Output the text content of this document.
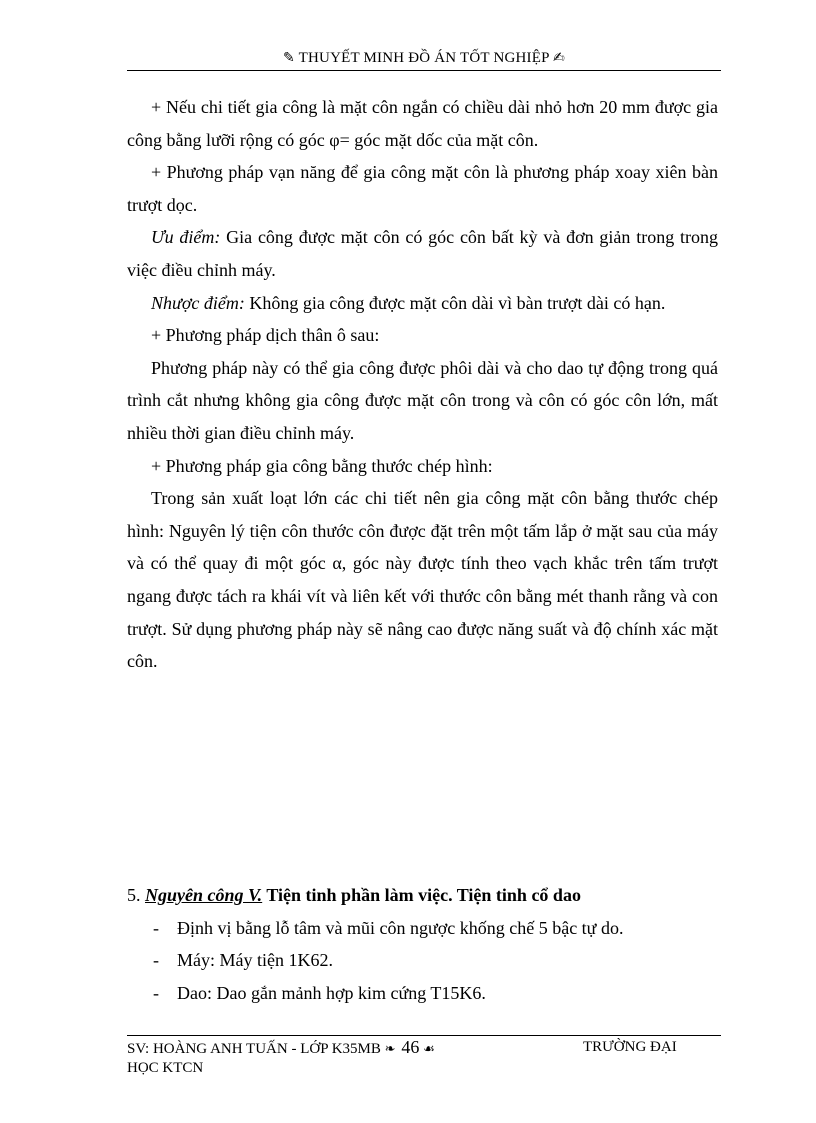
✎ THUYẾT MINH ĐỒ ÁN TỐT NGHIỆP ✍

+ Nếu chi tiết gia công là mặt côn ngắn có chiều dài nhỏ hơn 20 mm được gia công bằng lưỡi rộng có góc φ= góc mặt dốc của mặt côn.

+ Phương pháp vạn năng để gia công mặt côn là phương pháp xoay xiên bàn trượt dọc.

Ưu điểm: Gia công được mặt côn có góc côn bất kỳ và đơn giản trong trong việc điều chỉnh máy.

Nhược điểm: Không gia công được mặt côn dài vì bàn trượt dài có hạn.

+ Phương pháp dịch thân ô sau:

Phương pháp này có thể gia công được phôi dài và cho dao tự động trong quá trình cắt nhưng không gia công được mặt côn trong và côn có góc côn lớn, mất nhiều thời gian điều chỉnh máy.

+ Phương pháp gia công bằng thước chép hình:

Trong sản xuất loạt lớn các chi tiết nên gia công mặt côn bằng thước chép hình: Nguyên lý tiện côn thước côn được đặt trên một tấm lắp ở mặt sau của máy và có thể quay đi một góc α, góc này được tính theo vạch khắc trên tấm trượt ngang được tách ra khái vít và liên kết với thước côn bằng mét thanh rằng và con trượt. Sử dụng phương pháp này sẽ nâng cao được năng suất và độ chính xác mặt côn.

5. Nguyên công V. Tiện tinh phần làm việc. Tiện tinh cổ dao
- Định vị bằng lỗ tâm và mũi côn ngược khống chế 5 bậc tự do.
- Máy: Máy tiện 1K62.
- Dao: Dao gắn mảnh hợp kim cứng T15K6.
SV: HOÀNG ANH TUẤN - LỚP K35MB ❧ 46 ☙	TRƯỜNG ĐẠI
HỌC KTCN
